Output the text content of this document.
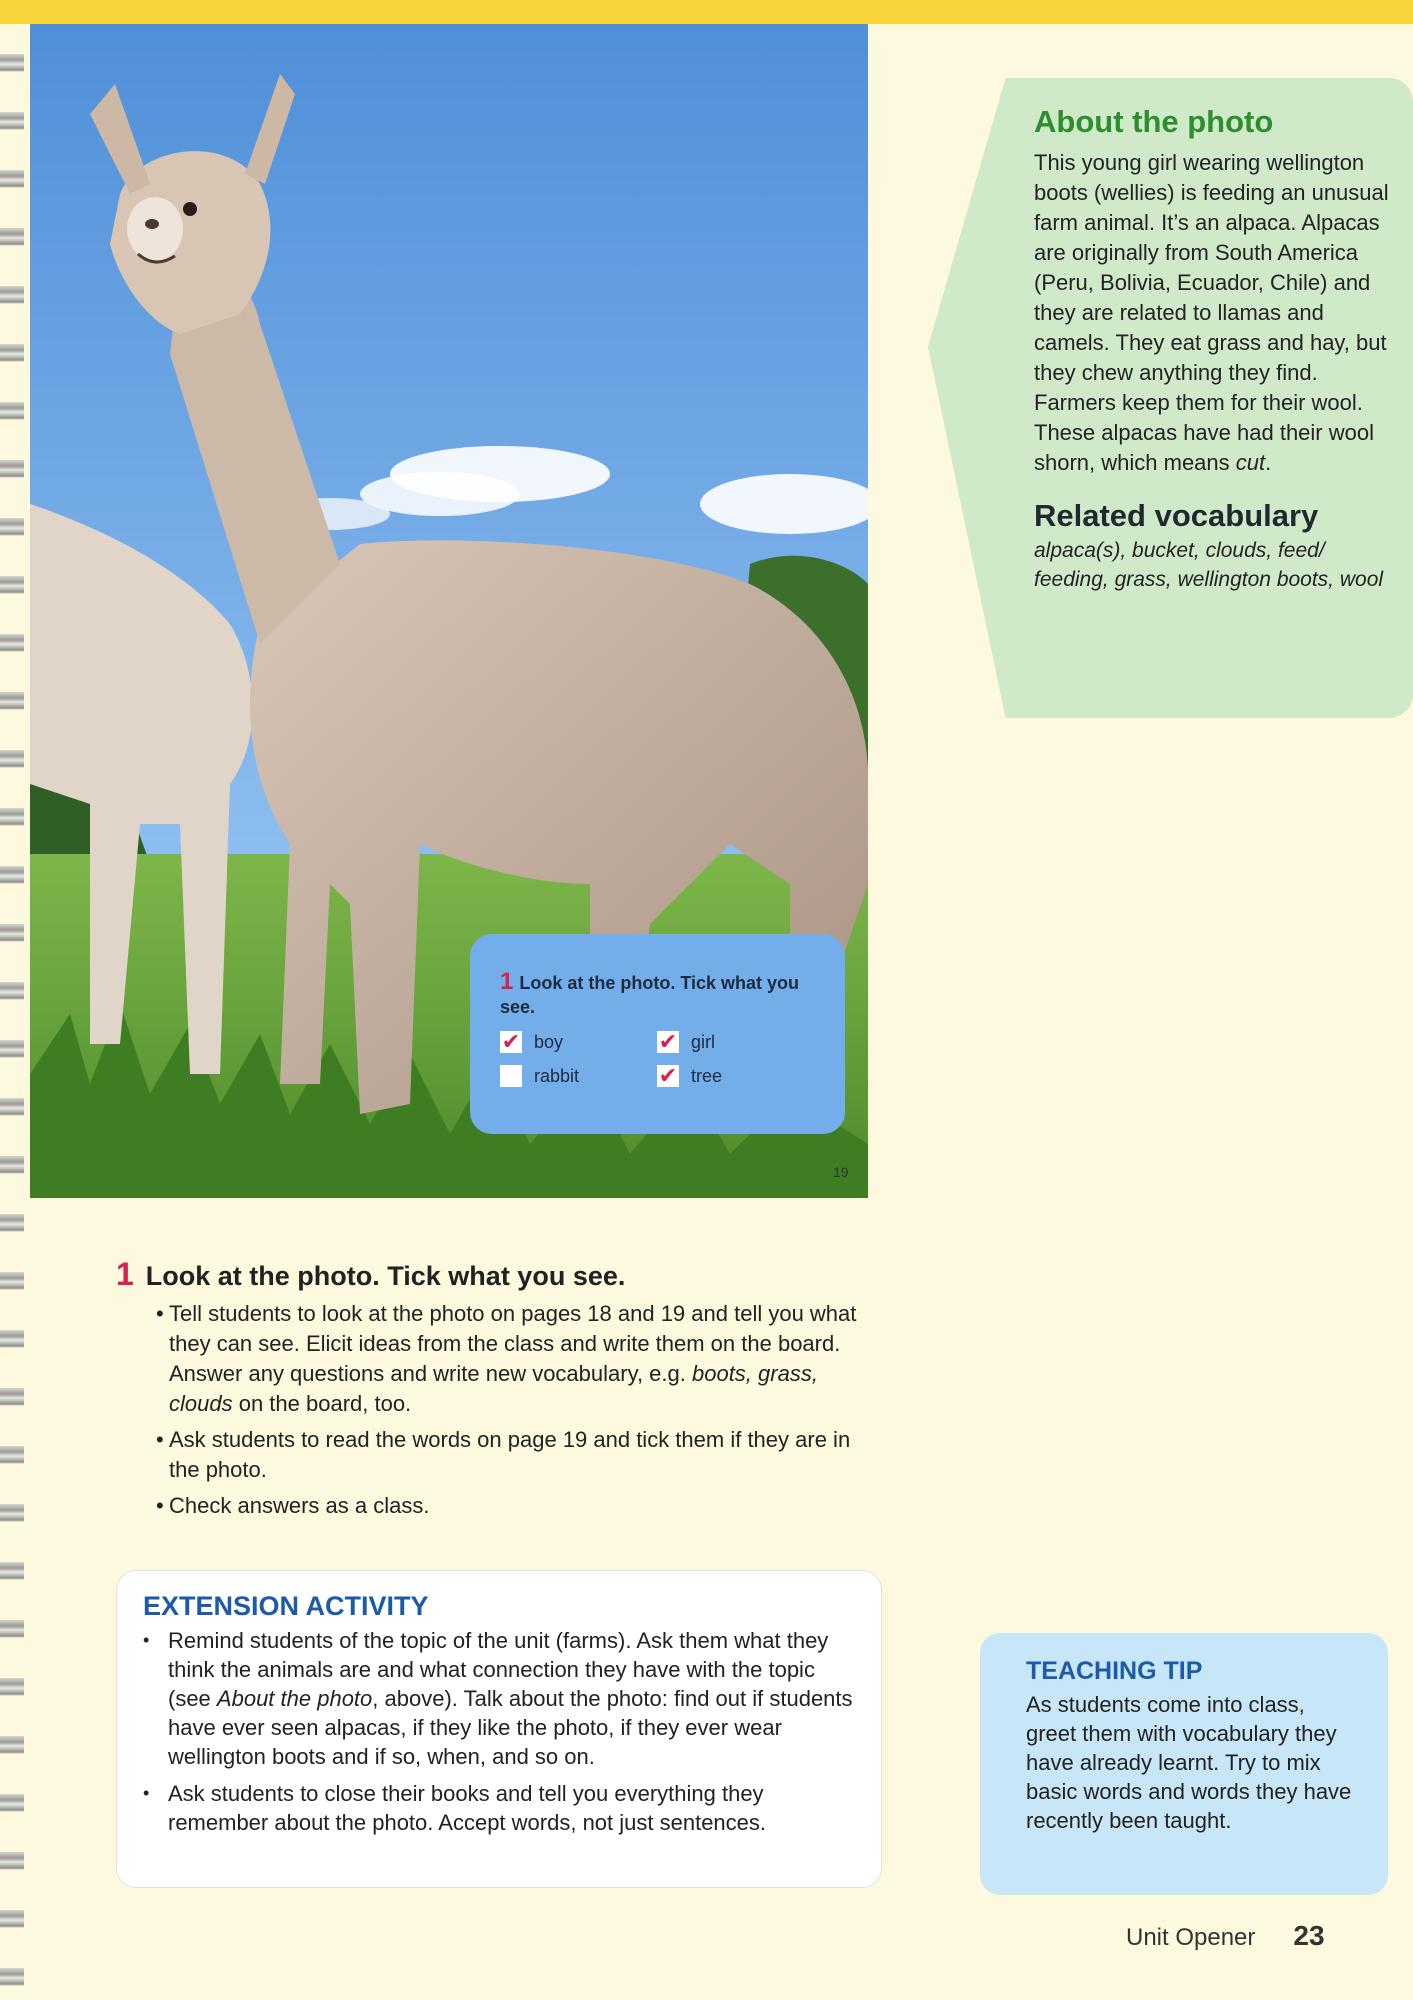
1 Look at the photo. Tick what you see.
✔ boy	✔ girl
rabbit	✔ tree
19
About the photo

This young girl wearing wellington boots (wellies) is feeding an unusual farm animal. It’s an alpaca. Alpacas are originally from South America (Peru, Bolivia, Ecuador, Chile) and they are related to llamas and camels. They eat grass and hay, but they chew anything they find. Farmers keep them for their wool. These alpacas have had their wool shorn, which means cut.

Related vocabulary

alpaca(s), bucket, clouds, feed/ feeding, grass, wellington boots, wool

1 Look at the photo. Tick what you see.
• Tell students to look at the photo on pages 18 and 19 and tell you what they can see. Elicit ideas from the class and write them on the board. Answer any questions and write new vocabulary, e.g. boots, grass, clouds on the board, too.
• Ask students to read the words on page 19 and tick them if they are in the photo.
• Check answers as a class.
EXTENSION ACTIVITY
• Remind students of the topic of the unit (farms). Ask them what they think the animals are and what connection they have with the topic (see About the photo, above). Talk about the photo: find out if students have ever seen alpacas, if they like the photo, if they ever wear wellington boots and if so, when, and so on.
• Ask students to close their books and tell you everything they remember about the photo. Accept words, not just sentences.
TEACHING TIP

As students come into class, greet them with vocabulary they have already learnt. Try to mix basic words and words they have recently been taught.

Unit Opener 23
